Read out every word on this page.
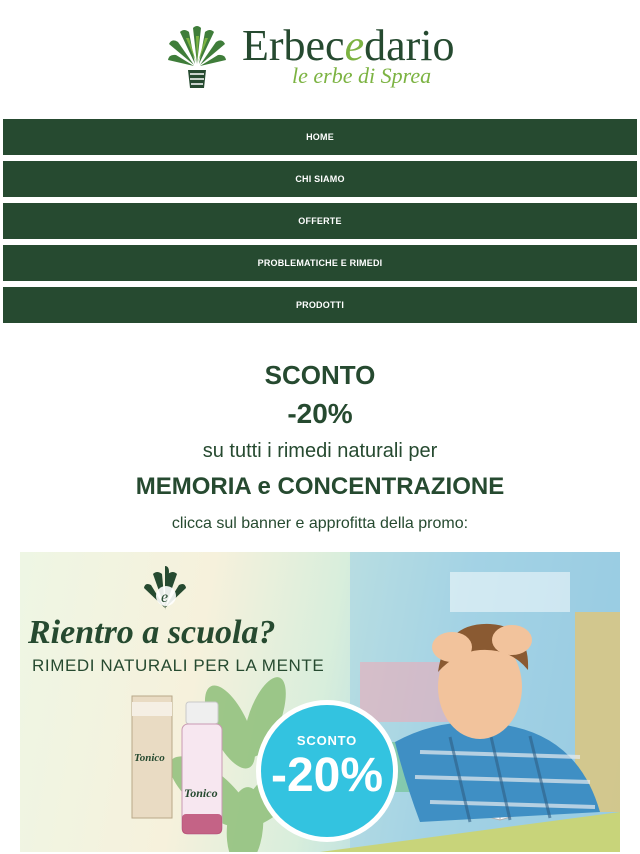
Erbecedario
le erbe di Sprea
HOME
CHI SIAMO
OFFERTE
PROBLEMATICHE E RIMEDI
PRODOTTI
SCONTO
-20%
su tutti i rimedi naturali per
MEMORIA e CONCENTRAZIONE
clicca sul banner e approfitta della promo:
e
Rientro a scuola?
RIMEDI NATURALI PER LA MENTE
Tonico
Tonico
SCONTO
-20%
